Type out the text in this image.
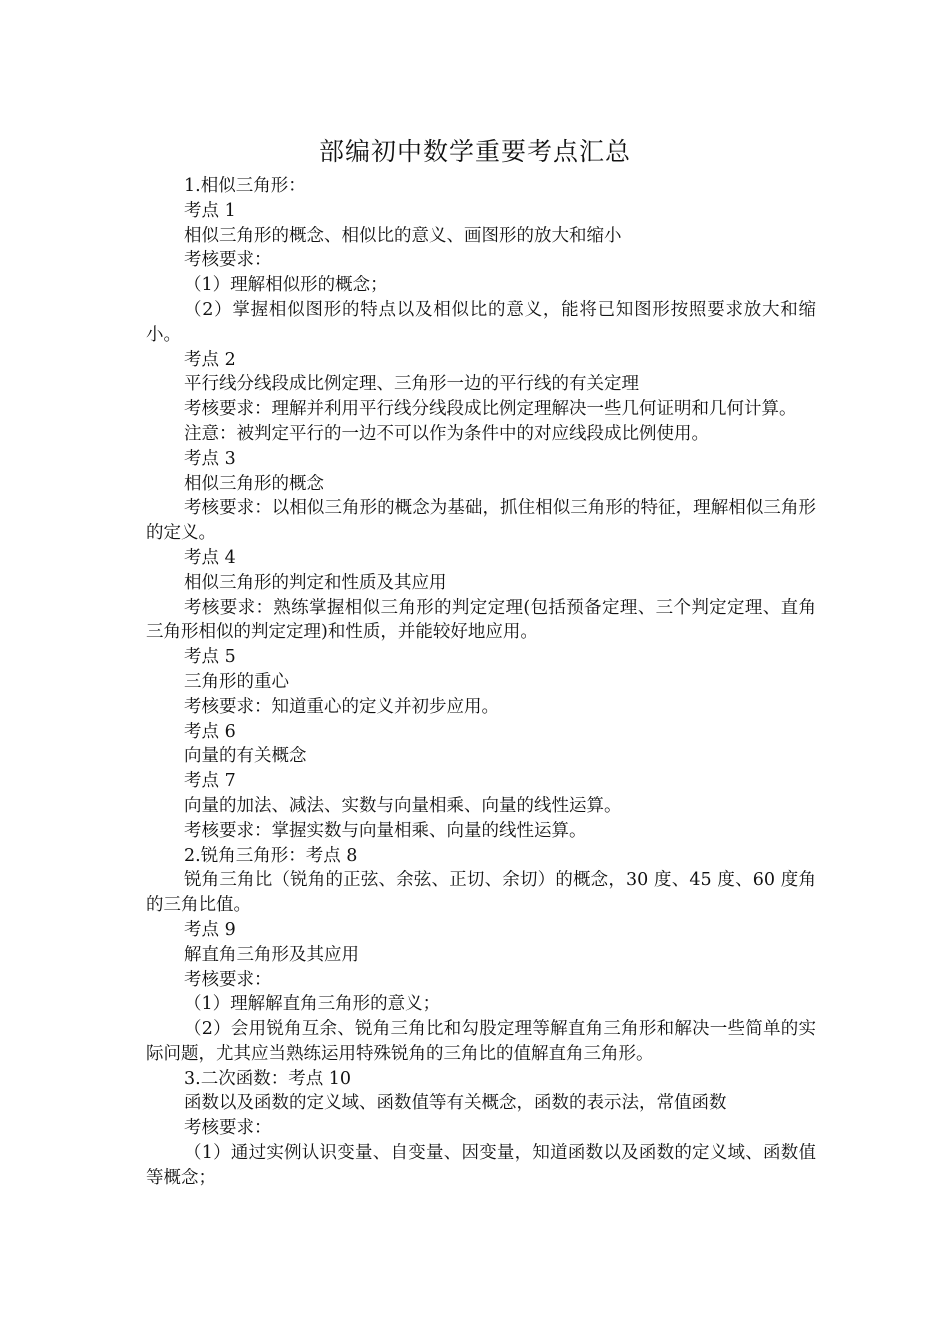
部编初中数学重要考点汇总

1.相似三角形：

考点 1

相似三角形的概念、相似比的意义、画图形的放大和缩小

考核要求：

（1）理解相似形的概念；

（2）掌握相似图形的特点以及相似比的意义，能将已知图形按照要求放大和缩小。

考点 2

平行线分线段成比例定理、三角形一边的平行线的有关定理

考核要求：理解并利用平行线分线段成比例定理解决一些几何证明和几何计算。

注意：被判定平行的一边不可以作为条件中的对应线段成比例使用。

考点 3

相似三角形的概念

考核要求：以相似三角形的概念为基础，抓住相似三角形的特征，理解相似三角形的定义。

考点 4

相似三角形的判定和性质及其应用

考核要求：熟练掌握相似三角形的判定定理(包括预备定理、三个判定定理、直角三角形相似的判定定理)和性质，并能较好地应用。

考点 5

三角形的重心

考核要求：知道重心的定义并初步应用。

考点 6

向量的有关概念

考点 7

向量的加法、减法、实数与向量相乘、向量的线性运算。

考核要求：掌握实数与向量相乘、向量的线性运算。

2.锐角三角形：考点 8

锐角三角比（锐角的正弦、余弦、正切、余切）的概念，30 度、45 度、60 度角的三角比值。

考点 9

解直角三角形及其应用

考核要求：

（1）理解解直角三角形的意义；

（2）会用锐角互余、锐角三角比和勾股定理等解直角三角形和解决一些简单的实际问题，尤其应当熟练运用特殊锐角的三角比的值解直角三角形。

3.二次函数：考点 10

函数以及函数的定义域、函数值等有关概念，函数的表示法，常值函数

考核要求：

（1）通过实例认识变量、自变量、因变量，知道函数以及函数的定义域、函数值等概念；
